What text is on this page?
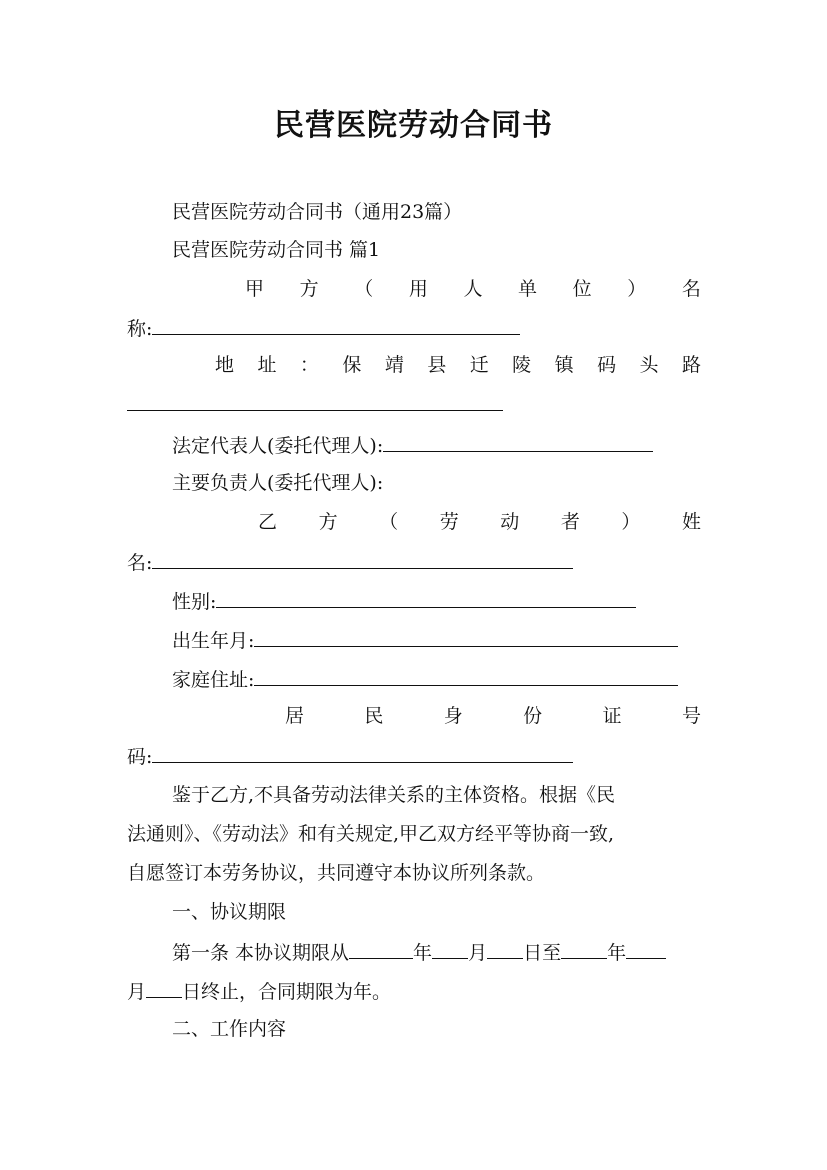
民营医院劳动合同书
民营医院劳动合同书（通用23篇）
民营医院劳动合同书 篇1
甲 方 （ 用 人 单 位 ） 名
称:
地 址 ： 保 靖 县 迁 陵 镇 码 头 路
法定代表人(委托代理人):
主要负责人(委托代理人):
乙 方 （ 劳 动 者 ） 姓
名:
性别:
出生年月:
家庭住址:
居	民	身	份	证	号
码:
鉴于乙方,不具备劳动法律关系的主体资格。根据《民
法通则》、《劳动法》和有关规定,甲乙双方经平等协商一致,
自愿签订本劳务协议，共同遵守本协议所列条款。
一、协议期限
第一条 本协议期限从	年 月 日至 年
月 日终止，合同期限为年。
二、工作内容
